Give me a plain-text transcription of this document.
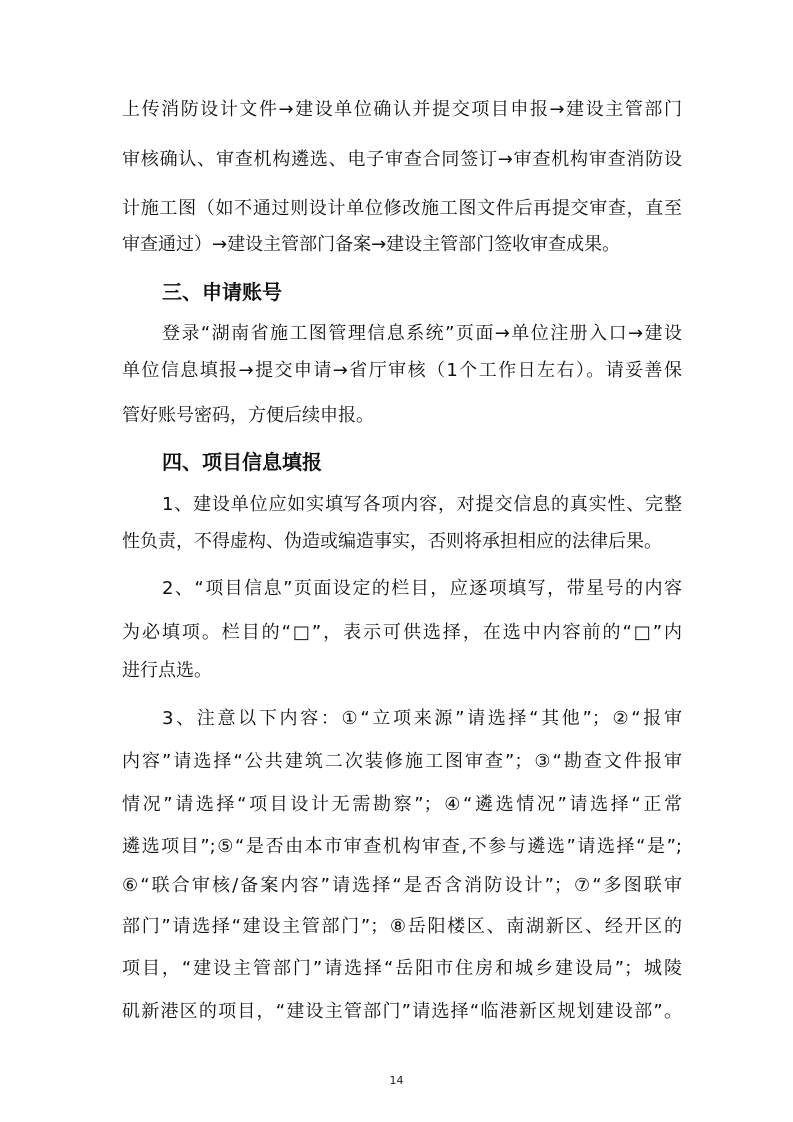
上传消防设计文件→建设单位确认并提交项目申报→建设主管部门
审核确认、审查机构遴选、电子审查合同签订→审查机构审查消防设
计施工图（如不通过则设计单位修改施工图文件后再提交审查，直至
审查通过）→建设主管部门备案→建设主管部门签收审查成果。
三、申请账号
登录“湖南省施工图管理信息系统”页面→单位注册入口→建设
单位信息填报→提交申请→省厅审核（1个工作日左右）。请妥善保
管好账号密码，方便后续申报。
四、项目信息填报
1、建设单位应如实填写各项内容，对提交信息的真实性、完整
性负责，不得虚构、伪造或编造事实，否则将承担相应的法律后果。
2、“项目信息”页面设定的栏目，应逐项填写，带星号的内容
为必填项。栏目的“□”，表示可供选择，在选中内容前的“□”内
进行点选。
3、注意以下内容：①“立项来源”请选择“其他”；②“报审
内容”请选择“公共建筑二次装修施工图审查”；③“勘查文件报审
情况”请选择“项目设计无需勘察”；④“遴选情况”请选择“正常
遴选项目”;⑤“是否由本市审查机构审查,不参与遴选”请选择“是”;
⑥“联合审核/备案内容”请选择“是否含消防设计”；⑦“多图联审
部门”请选择“建设主管部门”；⑧岳阳楼区、南湖新区、经开区的
项目，“建设主管部门”请选择“岳阳市住房和城乡建设局”；城陵
矶新港区的项目，“建设主管部门”请选择“临港新区规划建设部”。
14
